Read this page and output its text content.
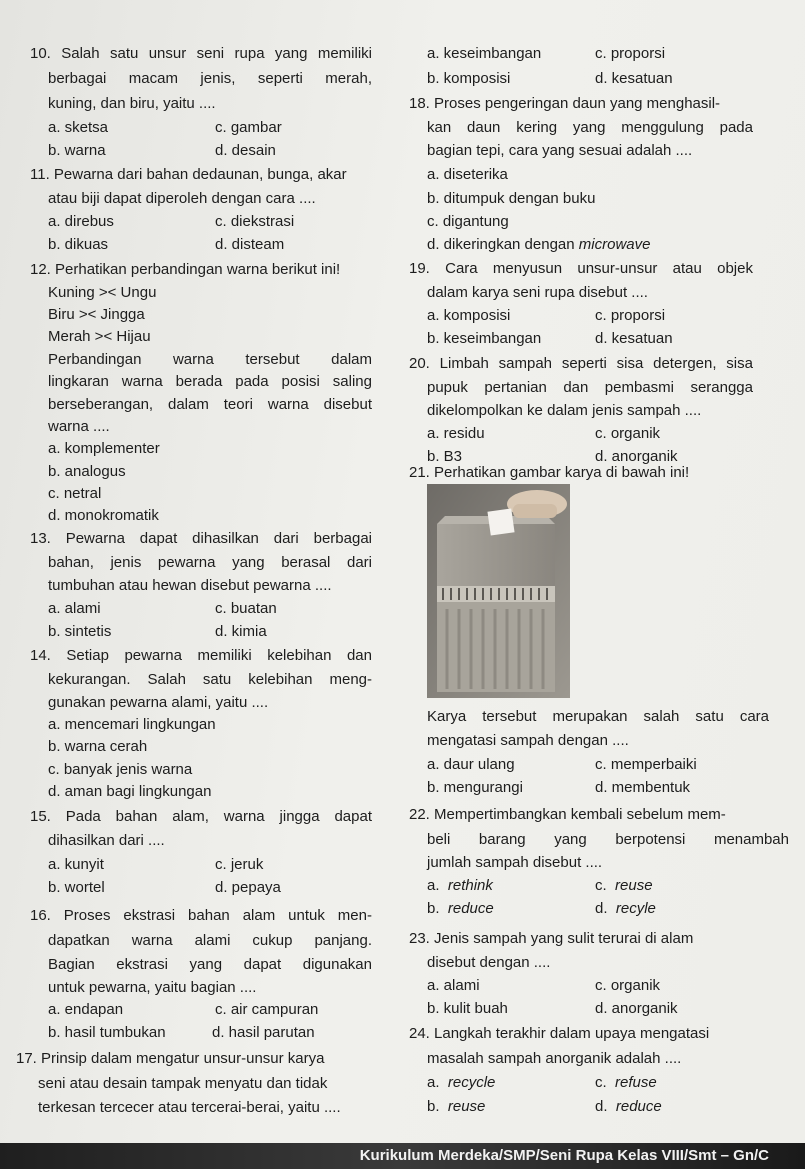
10. Salah satu unsur seni rupa yang memiliki
berbagai macam jenis, seperti merah,
kuning, dan biru, yaitu ....
a. sketsa	c. gambar
b. warna	d. desain
11. Pewarna dari bahan dedaunan, bunga, akar
atau biji dapat diperoleh dengan cara ....
a. direbus	c. diekstrasi
b. dikuas	d. disteam
12. Perhatikan perbandingan warna berikut ini!
Kuning >< Ungu
Biru >< Jingga
Merah >< Hijau
Perbandingan warna tersebut dalam
lingkaran warna berada pada posisi saling
berseberangan, dalam teori warna disebut
warna ....
a. komplementer
b. analogus
c. netral
d. monokromatik
13. Pewarna dapat dihasilkan dari berbagai
bahan, jenis pewarna yang berasal dari
tumbuhan atau hewan disebut pewarna ....
a. alami	c. buatan
b. sintetis	d. kimia
14. Setiap pewarna memiliki kelebihan dan
kekurangan. Salah satu kelebihan meng-
gunakan pewarna alami, yaitu ....
a. mencemari lingkungan
b. warna cerah
c. banyak jenis warna
d. aman bagi lingkungan
15. Pada bahan alam, warna jingga dapat
dihasilkan dari ....
a. kunyit	c. jeruk
b. wortel	d. pepaya
16. Proses ekstrasi bahan alam untuk men-
dapatkan warna alami cukup panjang.
Bagian ekstrasi yang dapat digunakan
untuk pewarna, yaitu bagian ....
a. endapan	c. air campuran
b. hasil tumbukan	d. hasil parutan
17. Prinsip dalam mengatur unsur-unsur karya
seni atau desain tampak menyatu dan tidak
terkesan tercecer atau tercerai-berai, yaitu ....
a. keseimbangan	c. proporsi
b. komposisi	d. kesatuan
18. Proses pengeringan daun yang menghasil-
kan daun kering yang menggulung pada
bagian tepi, cara yang sesuai adalah ....
a. diseterika
b. ditumpuk dengan buku
c. digantung
d. dikeringkan dengan microwave
19. Cara menyusun unsur-unsur atau objek
dalam karya seni rupa disebut ....
a. komposisi	c. proporsi
b. keseimbangan	d. kesatuan
20. Limbah sampah seperti sisa detergen, sisa
pupuk pertanian dan pembasmi serangga
dikelompolkan ke dalam jenis sampah ....
a. residu	c. organik
b. B3	d. anorganik
21. Perhatikan gambar karya di bawah ini!
Karya tersebut merupakan salah satu cara
mengatasi sampah dengan ....
a. daur ulang	c. memperbaiki
b. mengurangi	d. membentuk
22. Mempertimbangkan kembali sebelum mem-
beli barang yang berpotensi menambah
jumlah sampah disebut ....
a.  rethink	c.  reuse
b.  reduce	d.  recyle
23. Jenis sampah yang sulit terurai di alam
disebut dengan ....
a. alami	c. organik
b. kulit buah	d. anorganik
24. Langkah terakhir dalam upaya mengatasi
masalah sampah anorganik adalah ....
a.  recycle	c.  refuse
b.  reuse	d.  reduce
Kurikulum Merdeka/SMP/Seni Rupa Kelas VIII/Smt – Gn/C
